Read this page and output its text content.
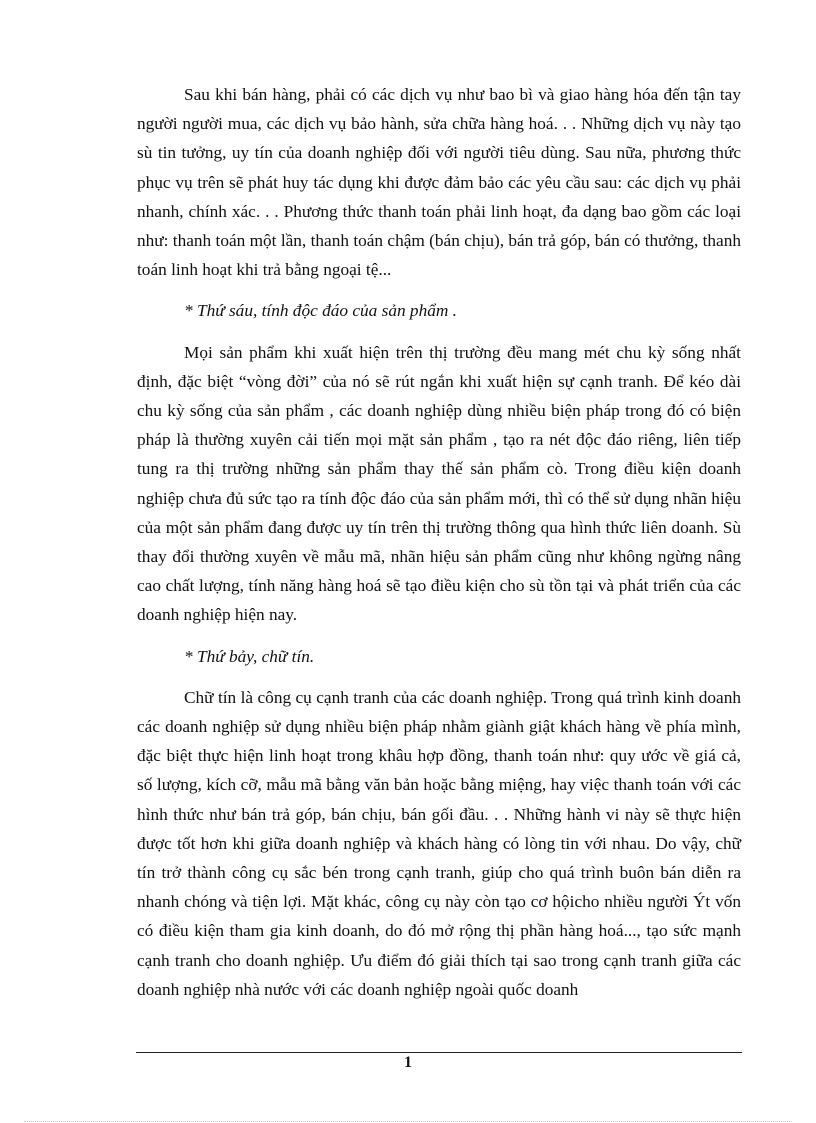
Sau khi bán hàng, phải có các dịch vụ như bao bì và giao hàng hóa đến tận tay người người mua, các dịch vụ bảo hành, sửa chữa hàng hoá. . . Những dịch vụ này tạo sù tin tưởng, uy tín của doanh nghiệp đối với người tiêu dùng. Sau nữa, phương thức phục vụ trên sẽ phát huy tác dụng khi được đảm bảo các yêu cầu sau: các dịch vụ phải nhanh, chính xác. . . Phương thức thanh toán phải linh hoạt, đa dạng bao gồm các loại như: thanh toán một lần, thanh toán chậm (bán chịu), bán trả góp, bán có thưởng, thanh toán linh hoạt khi trả bằng ngoại tệ...

* Thứ sáu, tính độc đáo của sản phẩm .

Mọi sản phẩm khi xuất hiện trên thị trường đều mang mét chu kỳ sống nhất định, đặc biệt “vòng đời” của nó sẽ rút ngắn khi xuất hiện sự cạnh tranh. Để kéo dài chu kỳ sống của sản phẩm , các doanh nghiệp dùng nhiều biện pháp trong đó có biện pháp là thường xuyên cải tiến mọi mặt sản phẩm , tạo ra nét độc đáo riêng, liên tiếp tung ra thị trường những sản phẩm thay thế sản phẩm cò. Trong điều kiện doanh nghiệp chưa đủ sức tạo ra tính độc đáo của sản phẩm mới, thì có thể sử dụng nhãn hiệu của một sản phẩm đang được uy tín trên thị trường thông qua hình thức liên doanh. Sù thay đổi thường xuyên về mẫu mã, nhãn hiệu sản phẩm cũng như không ngừng nâng cao chất lượng, tính năng hàng hoá sẽ tạo điều kiện cho sù tồn tại và phát triển của các doanh nghiệp hiện nay.

* Thứ bảy, chữ tín.

Chữ tín là công cụ cạnh tranh của các doanh nghiệp. Trong quá trình kinh doanh các doanh nghiệp sử dụng nhiều biện pháp nhằm giành giật khách hàng về phía mình, đặc biệt thực hiện linh hoạt trong khâu hợp đồng, thanh toán như: quy ước về giá cả, số lượng, kích cỡ, mẫu mã bằng văn bản hoặc bằng miệng, hay việc thanh toán với các hình thức như bán trả góp, bán chịu, bán gối đầu. . . Những hành vi này sẽ thực hiện được tốt hơn khi giữa doanh nghiệp và khách hàng có lòng tin với nhau. Do vậy, chữ tín trở thành công cụ sắc bén trong cạnh tranh, giúp cho quá trình buôn bán diễn ra nhanh chóng và tiện lợi. Mặt khác, công cụ này còn tạo cơ hộicho nhiều người Ýt vốn có điều kiện tham gia kinh doanh, do đó mở rộng thị phần hàng hoá..., tạo sức mạnh cạnh tranh cho doanh nghiệp. Ưu điểm đó giải thích tại sao trong cạnh tranh giữa các doanh nghiệp nhà nước với các doanh nghiệp ngoài quốc doanh

1
